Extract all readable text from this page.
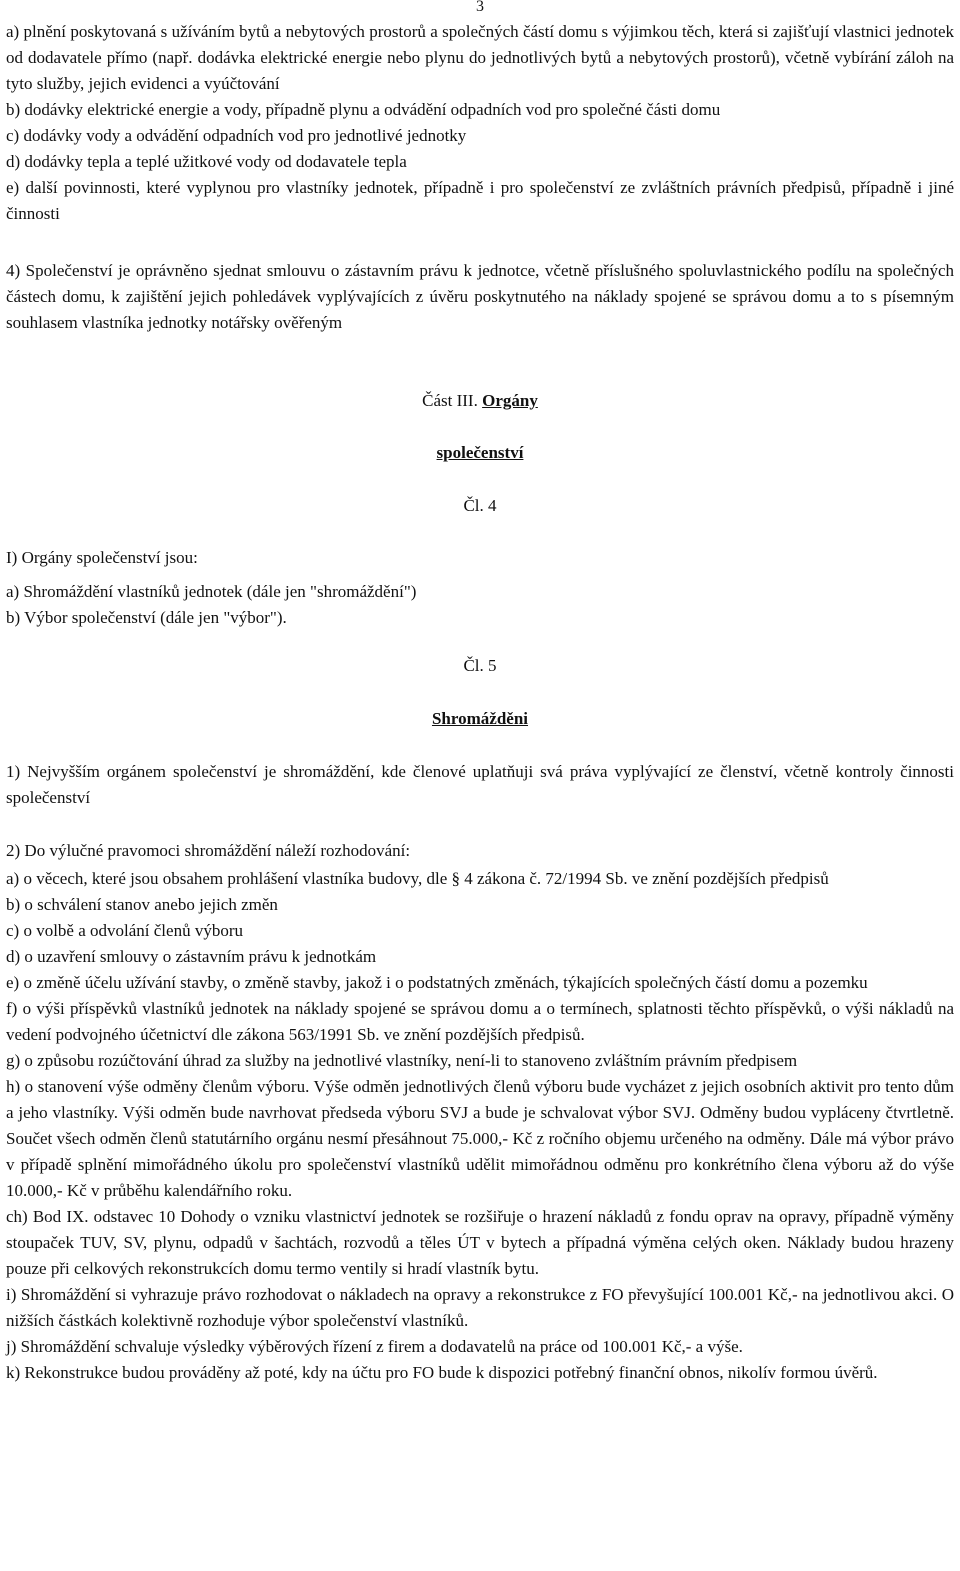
3

a) plnění poskytovaná s užíváním bytů a nebytových prostorů a společných částí domu s výjimkou těch, která si zajišťují vlastnici jednotek od dodavatele přímo (např. dodávka elektrické energie nebo plynu do jednotlivých bytů a nebytových prostorů), včetně vybírání záloh na tyto služby, jejich evidenci a vyúčtování

b) dodávky elektrické energie a vody, případně plynu a odvádění odpadních vod pro společné části domu

c) dodávky vody a odvádění odpadních vod pro jednotlivé jednotky

d) dodávky tepla a teplé užitkové vody od dodavatele tepla

e) další povinnosti, které vyplynou pro vlastníky jednotek, případně i pro společenství ze zvláštních právních předpisů, případně i jiné činnosti

4) Společenství je oprávněno sjednat smlouvu o zástavním právu k jednotce, včetně příslušného spoluvlastnického podílu na společných částech domu, k zajištění jejich pohledávek vyplývajících z úvěru poskytnutého na náklady spojené se správou domu a to s písemným souhlasem vlastníka jednotky notářsky ověřeným

Část III. Orgány
společenství
Čl. 4

I) Orgány společenství jsou:

a) Shromáždění vlastníků jednotek (dále jen "shromáždění")

b) Výbor společenství (dále jen "výbor").

Čl. 5
Shromážděni

1) Nejvyšším orgánem společenství je shromáždění, kde členové uplatňuji svá práva vyplývající ze členství, včetně kontroly činnosti společenství

2) Do výlučné pravomoci shromáždění náleží rozhodování:

a) o věcech, které jsou obsahem prohlášení vlastníka budovy, dle § 4 zákona č. 72/1994 Sb. ve znění pozdějších předpisů

b) o schválení stanov anebo jejich změn

c) o volbě a odvolání členů výboru

d) o uzavření smlouvy o zástavním právu k jednotkám

e) o změně účelu užívání stavby, o změně stavby, jakož i o podstatných změnách, týkajících společných částí domu a pozemku

f) o výši příspěvků vlastníků jednotek na náklady spojené se správou domu a o termínech, splatnosti těchto příspěvků, o výši nákladů na vedení podvojného účetnictví dle zákona 563/1991 Sb. ve znění pozdějších předpisů.

g) o způsobu rozúčtování úhrad za služby na jednotlivé vlastníky, není-li to stanoveno zvláštním právním předpisem

h) o stanovení výše odměny členům výboru. Výše odměn jednotlivých členů výboru bude vycházet z jejich osobních aktivit pro tento dům a jeho vlastníky. Výši odměn bude navrhovat předseda výboru SVJ a bude je schvalovat výbor SVJ. Odměny budou vypláceny čtvrtletně. Součet všech odměn členů statutárního orgánu nesmí přesáhnout 75.000,- Kč z ročního objemu určeného na odměny. Dále má výbor právo v případě splnění mimořádného úkolu pro společenství vlastníků udělit mimořádnou odměnu pro konkrétního člena výboru až do výše 10.000,- Kč v průběhu kalendářního roku.

ch) Bod IX. odstavec 10 Dohody o vzniku vlastnictví jednotek se rozšiřuje o hrazení nákladů z fondu oprav na opravy, případně výměny stoupaček TUV, SV, plynu, odpadů v šachtách, rozvodů a těles ÚT v bytech a případná výměna celých oken. Náklady budou hrazeny pouze při celkových rekonstrukcích domu termo ventily si hradí vlastník bytu.

i) Shromáždění si vyhrazuje právo rozhodovat o nákladech na opravy a rekonstrukce z FO převyšující 100.001 Kč,- na jednotlivou akci. O nižších částkách kolektivně rozhoduje výbor společenství vlastníků.

j) Shromáždění schvaluje výsledky výběrových řízení z firem a dodavatelů na práce od 100.001 Kč,- a výše.

k) Rekonstrukce budou prováděny až poté, kdy na účtu pro FO bude k dispozici potřebný finanční obnos, nikolív formou úvěrů.
